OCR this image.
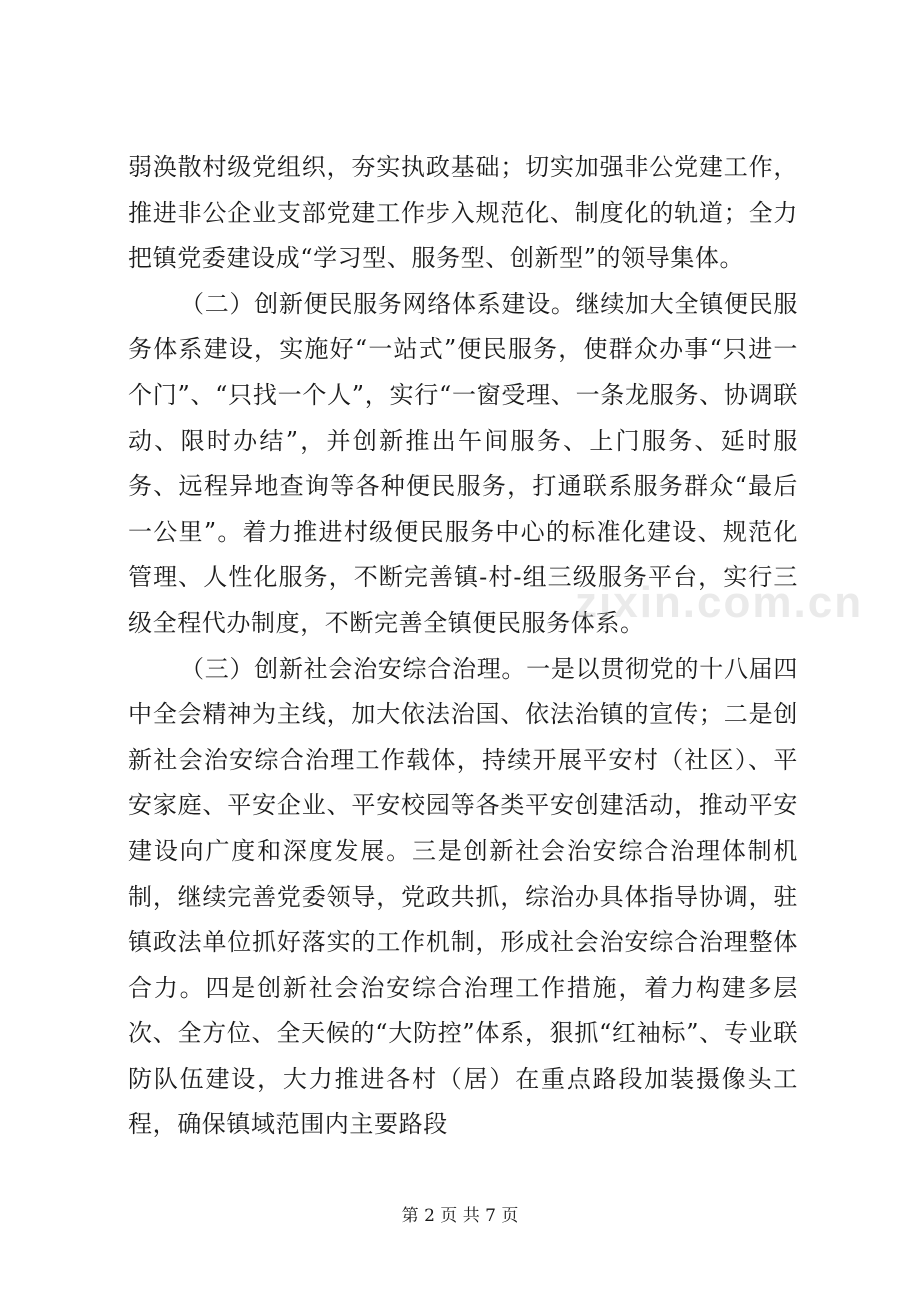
弱涣散村级党组织，夯实执政基础；切实加强非公党建工作，推进非公企业支部党建工作步入规范化、制度化的轨道；全力把镇党委建设成“学习型、服务型、创新型”的领导集体。

（二）创新便民服务网络体系建设。继续加大全镇便民服务体系建设，实施好“一站式”便民服务，使群众办事“只进一个门”、“只找一个人”，实行“一窗受理、一条龙服务、协调联动、限时办结”，并创新推出午间服务、上门服务、延时服务、远程异地查询等各种便民服务，打通联系服务群众“最后一公里”。着力推进村级便民服务中心的标准化建设、规范化管理、人性化服务，不断完善镇-村-组三级服务平台，实行三级全程代办制度，不断完善全镇便民服务体系。

（三）创新社会治安综合治理。一是以贯彻党的十八届四中全会精神为主线，加大依法治国、依法治镇的宣传；二是创新社会治安综合治理工作载体，持续开展平安村（社区）、平安家庭、平安企业、平安校园等各类平安创建活动，推动平安建设向广度和深度发展。三是创新社会治安综合治理体制机制，继续完善党委领导，党政共抓，综治办具体指导协调，驻镇政法单位抓好落实的工作机制，形成社会治安综合治理整体合力。四是创新社会治安综合治理工作措施，着力构建多层次、全方位、全天候的“大防控”体系，狠抓“红袖标”、专业联防队伍建设，大力推进各村（居）在重点路段加装摄像头工程，确保镇域范围内主要路段

zixin.com.cn
第 2 页 共 7 页
